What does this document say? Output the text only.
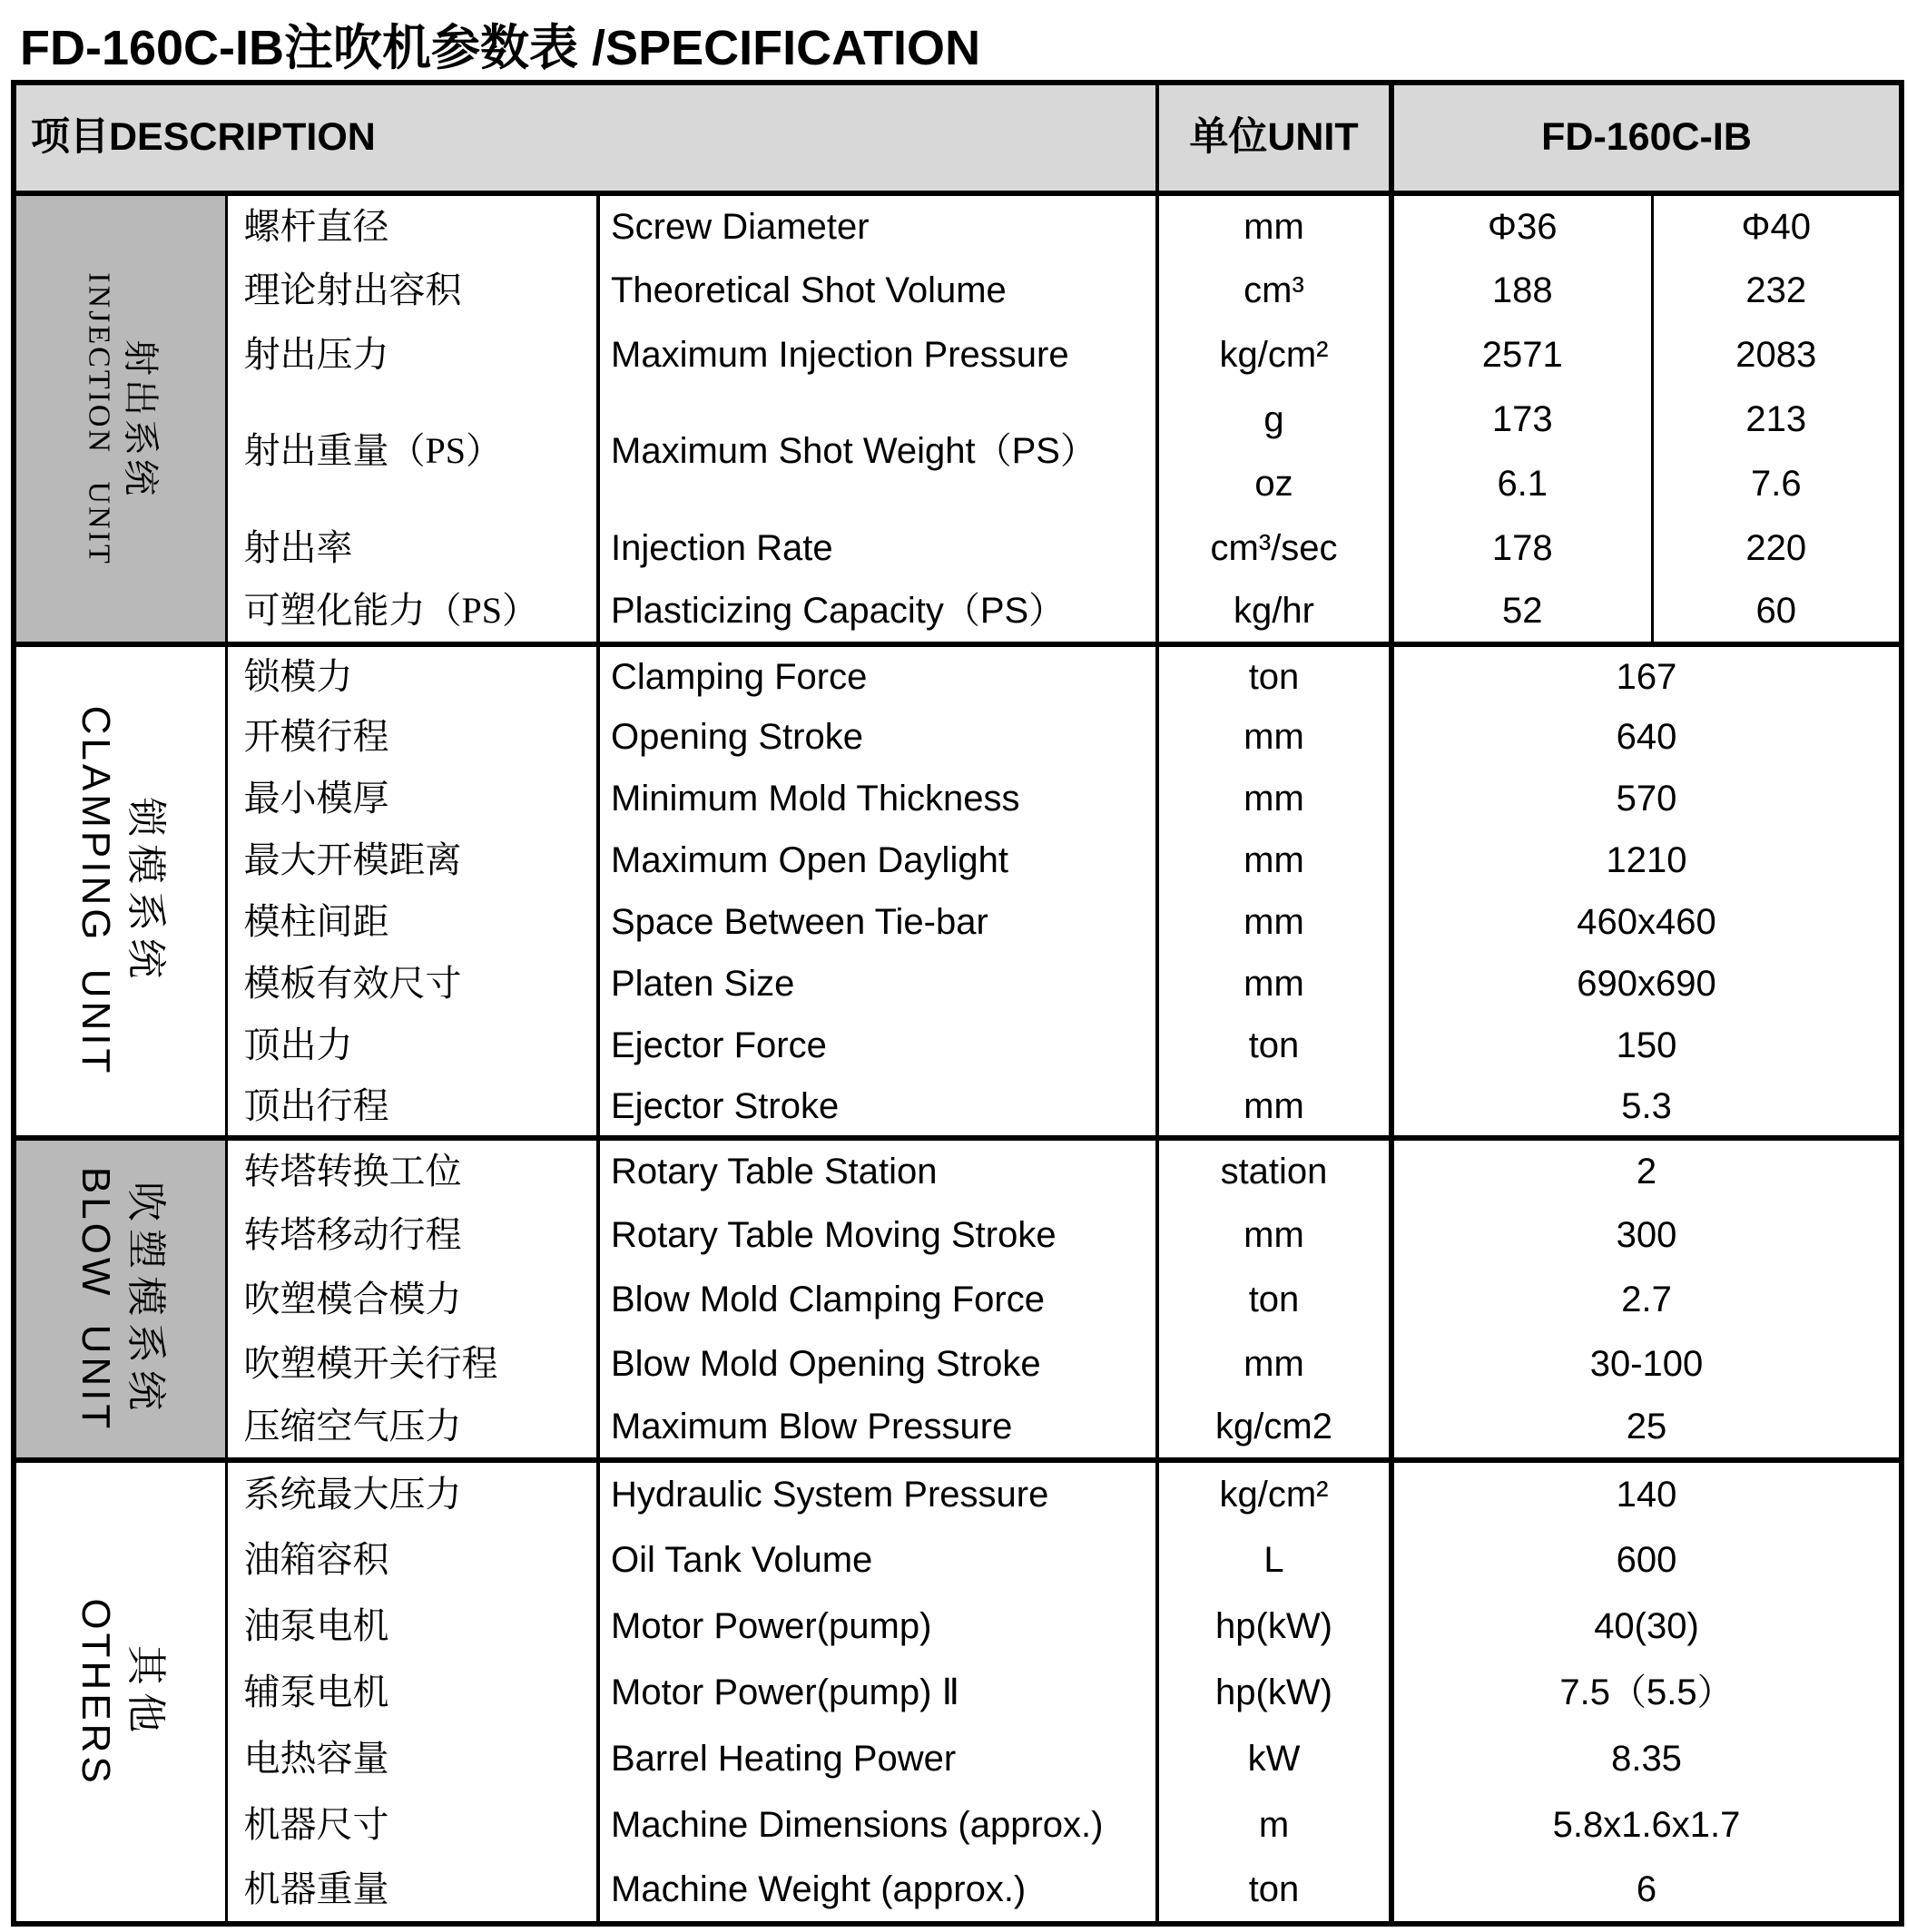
FD-160C-IB注吹机参数表 /SPECIFICATION
项目DESCRIPTION			单位UNIT	FD-160C-IB	

射出系统
INJECTION UNIT	螺杆直径	Screw Diameter	mm	Φ36	Φ40
	理论射出容积	Theoretical Shot Volume	cm³	188	232
	射出压力	Maximum Injection Pressure	kg/cm²	2571	2083
	射出重量（PS）	Maximum Shot Weight（PS）	g	173	213
			oz	6.1	7.6
	射出率	Injection Rate	cm³/sec	178	220
	可塑化能力（PS）	Plasticizing Capacity（PS）	kg/hr	52	60

锁模系统
CLAMPING UNIT	锁模力	Clamping Force	ton	167	
	开模行程	Opening Stroke	mm	640	
	最小模厚	Minimum Mold Thickness	mm	570	
	最大开模距离	Maximum Open Daylight	mm	1210	
	模柱间距	Space Between Tie-bar	mm	460x460	
	模板有效尺寸	Platen Size	mm	690x690	
	顶出力	Ejector Force	ton	150	
	顶出行程	Ejector Stroke	mm	5.3	

吹塑模系统
BLOW UNIT	转塔转换工位	Rotary Table Station	station	2	
	转塔移动行程	Rotary Table Moving Stroke	mm	300	
	吹塑模合模力	Blow Mold Clamping Force	ton	2.7	
	吹塑模开关行程	Blow Mold Opening Stroke	mm	30-100	
	压缩空气压力	Maximum Blow Pressure	kg/cm2	25	

其他
OTHERS	系统最大压力	Hydraulic System Pressure	kg/cm²	140	
	油箱容积	Oil Tank Volume	L	600	
	油泵电机	Motor Power(pump)	hp(kW)	40(30)	
	辅泵电机	Motor Power(pump) Ⅱ	hp(kW)	7.5（5.5）	
	电热容量	Barrel Heating Power	kW	8.35	
	机器尺寸	Machine Dimensions (approx.)	m	5.8x1.6x1.7	
	机器重量	Machine Weight (approx.)	ton	6	
